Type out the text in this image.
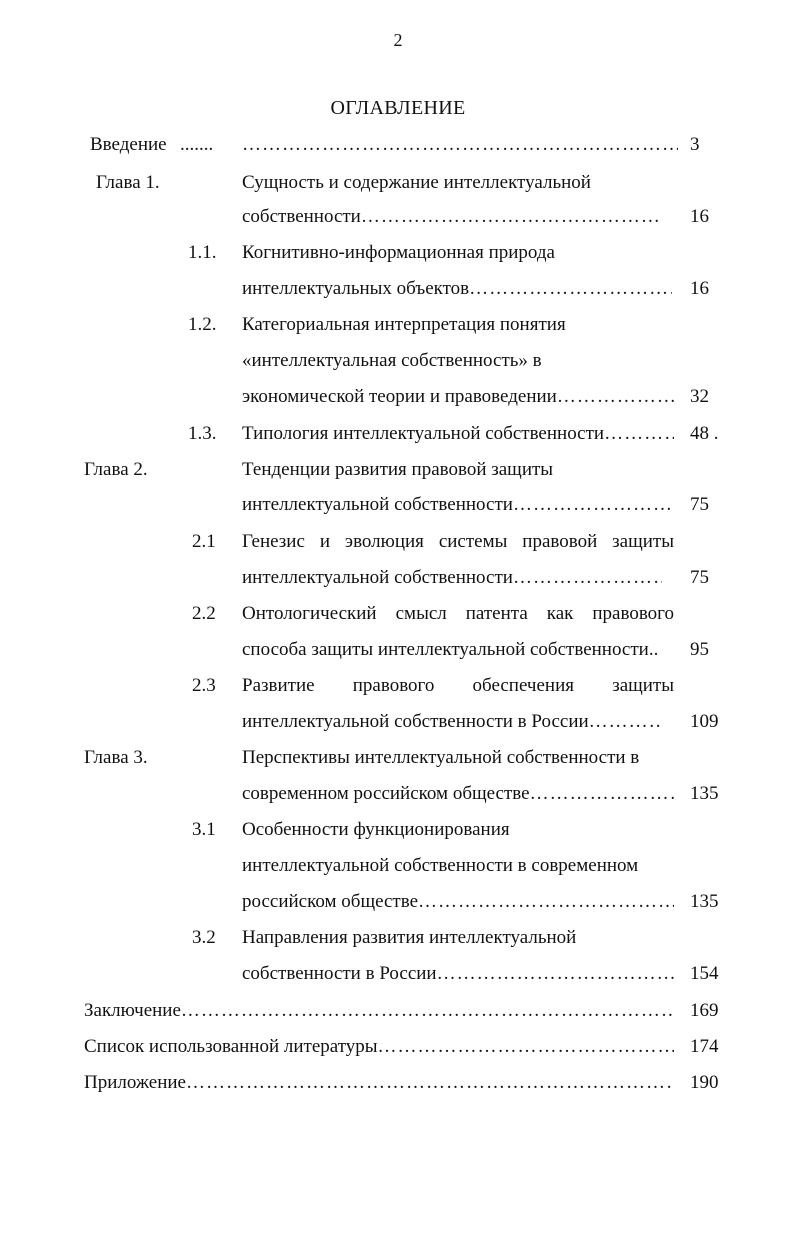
2
ОГЛАВЛЕНИЕ
Введение ....... ……………………………………………………………………………………………………………………………………	3
Глава 1.	Сущность и содержание интеллектуальной
собственности ……………………………………………………………………………………………………………………………………	16
1.1. Когнитивно-информационная природа
интеллектуальных объектов ……………………………………………………………………………………………………………………………………	16
1.2. Категориальная интерпретация понятия
«интеллектуальная собственность» в
экономической теории и правоведении ……………………………………………………………………………………………………………………………………	32
1.3. Типология интеллектуальной собственности ……………………………………………………………………………………………………………………………………	48 .
Глава 2.	Тенденции развития правовой защиты
интеллектуальной собственности ……………………………………………………………………………………………………………………………………	75
2.1 Генезис и эволюция системы правовой защиты
интеллектуальной собственности ……………………………………………………………………………………………………………………………………	75
2.2 Онтологический смысл патента как правового
способа защиты интеллектуальной собственности..	95
2.3 Развитие правового обеспечения защиты
интеллектуальной собственности в России ……………………………………………………………………………………………………………………………………	109
Глава 3.	Перспективы интеллектуальной собственности в
современном российском обществе ……………………………………………………………………………………………………………………………………	135
3.1 Особенности функционирования
интеллектуальной собственности в современном
российском обществе ……………………………………………………………………………………………………………………………………	135
3.2 Направления развития интеллектуальной
собственности в России ……………………………………………………………………………………………………………………………………	154
Заключение ……………………………………………………………………………………………………………………………………	169
Список использованной литературы ……………………………………………………………………………………………………………………………………	174
Приложение ……………………………………………………………………………………………………………………………………	190
